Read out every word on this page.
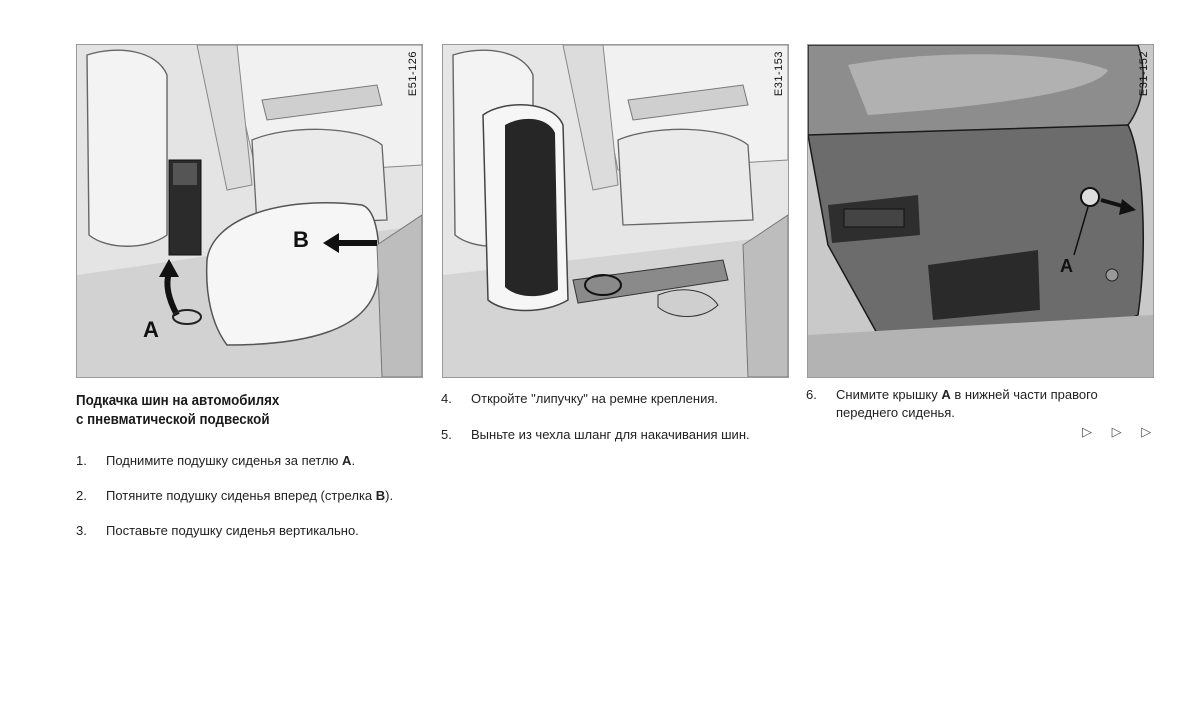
E51-126
B
A
E31-153	E31-152
A
Подкачка шин на автомобилях
с пневматической подвеской
1. Поднимите подушку сиденья за петлю A.
2. Потяните подушку сиденья вперед (стрелка B).
3. Поставьте подушку сиденья вертикально.
4. Откройте "липучку" на ремне крепления.
5. Выньте из чехла шланг для накачивания шин.
6. Снимите крышку A в нижней части правого переднего сиденья.
▷ ▷ ▷
